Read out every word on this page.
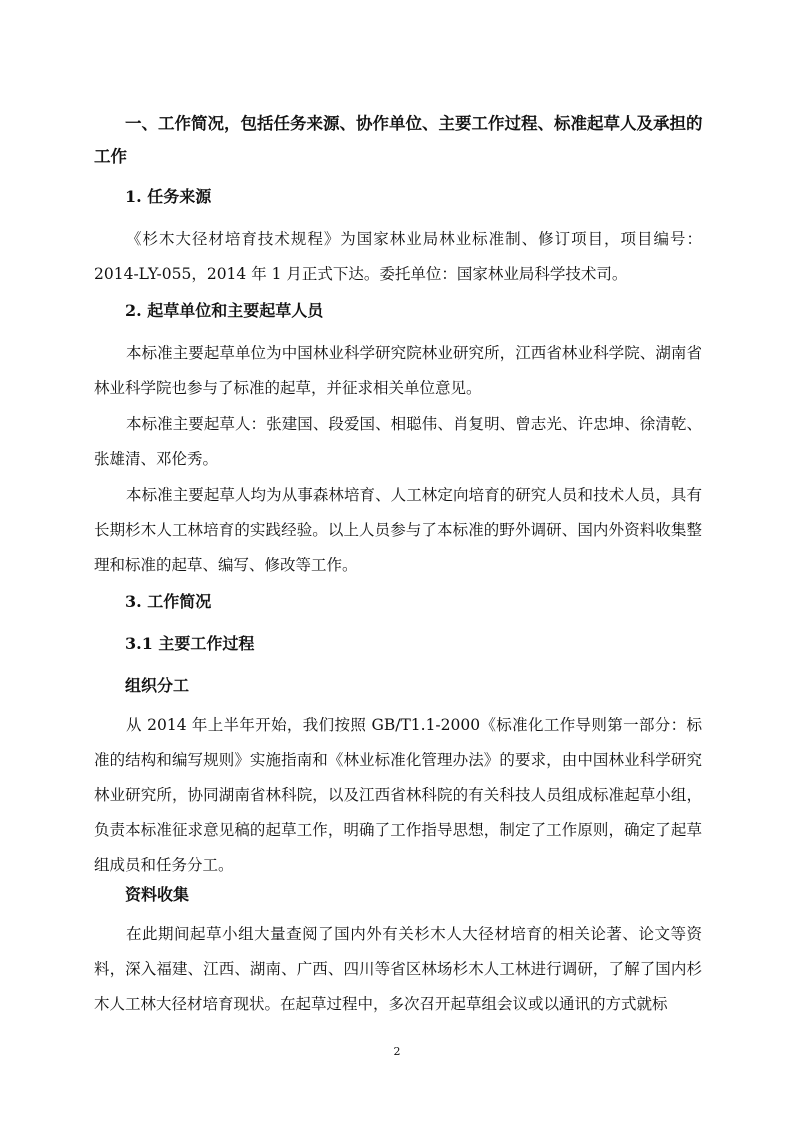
一、工作简况，包括任务来源、协作单位、主要工作过程、标准起草人及承担的工作
1. 任务来源
《杉木大径材培育技术规程》为国家林业局林业标准制、修订项目，项目编号：2014-LY-055，2014 年 1 月正式下达。委托单位：国家林业局科学技术司。
2. 起草单位和主要起草人员
本标准主要起草单位为中国林业科学研究院林业研究所，江西省林业科学院、湖南省林业科学院也参与了标准的起草，并征求相关单位意见。
本标准主要起草人：张建国、段爱国、相聪伟、肖复明、曾志光、许忠坤、徐清乾、张雄清、邓伦秀。
本标准主要起草人均为从事森林培育、人工林定向培育的研究人员和技术人员，具有长期杉木人工林培育的实践经验。以上人员参与了本标准的野外调研、国内外资料收集整理和标准的起草、编写、修改等工作。
3. 工作简况
3.1 主要工作过程
组织分工
从 2014 年上半年开始，我们按照 GB/T1.1-2000《标准化工作导则第一部分：标准的结构和编写规则》实施指南和《林业标准化管理办法》的要求，由中国林业科学研究林业研究所，协同湖南省林科院，以及江西省林科院的有关科技人员组成标准起草小组，负责本标准征求意见稿的起草工作，明确了工作指导思想，制定了工作原则，确定了起草组成员和任务分工。
资料收集
在此期间起草小组大量查阅了国内外有关杉木人大径材培育的相关论著、论文等资料，深入福建、江西、湖南、广西、四川等省区林场杉木人工林进行调研，了解了国内杉木人工林大径材培育现状。在起草过程中，多次召开起草组会议或以通讯的方式就标
2
